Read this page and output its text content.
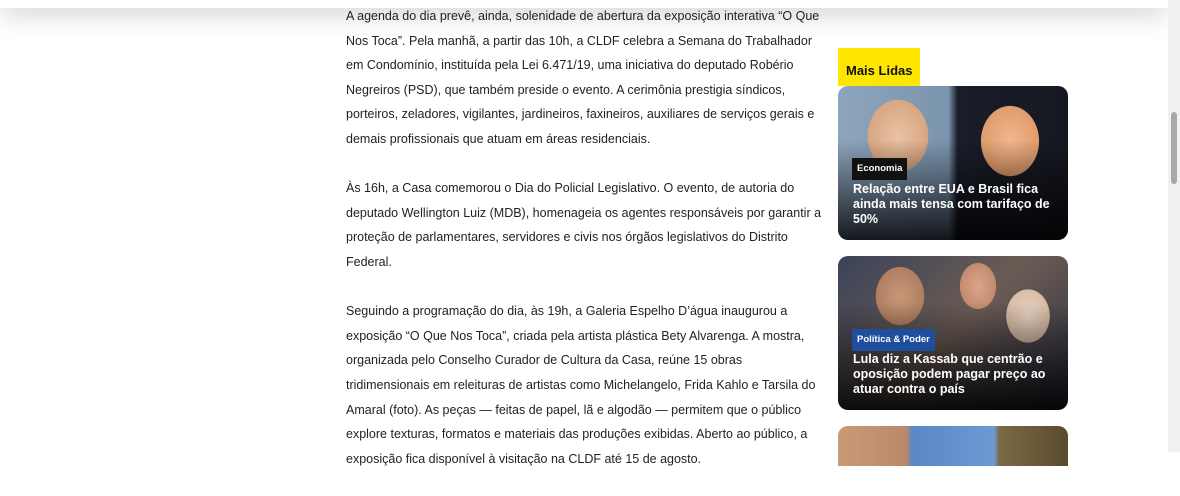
A agenda do dia prevê, ainda, solenidade de abertura da exposição interativa “O Que Nos Toca”. Pela manhã, a partir das 10h, a CLDF celebra a Semana do Trabalhador em Condomínio, instituída pela Lei 6.471/19, uma iniciativa do deputado Robério Negreiros (PSD), que também preside o evento. A cerimônia prestigia síndicos, porteiros, zeladores, vigilantes, jardineiros, faxineiros, auxiliares de serviços gerais e demais profissionais que atuam em áreas residenciais.

Às 16h, a Casa comemorou o Dia do Policial Legislativo. O evento, de autoria do deputado Wellington Luiz (MDB), homenageia os agentes responsáveis por garantir a proteção de parlamentares, servidores e civis nos órgãos legislativos do Distrito Federal.

Seguindo a programação do dia, às 19h, a Galeria Espelho D’água inaugurou a exposição “O Que Nos Toca”, criada pela artista plástica Bety Alvarenga. A mostra, organizada pelo Conselho Curador de Cultura da Casa, reúne 15 obras tridimensionais em releituras de artistas como Michelangelo, Frida Kahlo e Tarsila do Amaral (foto). As peças — feitas de papel, lã e algodão — permitem que o público explore texturas, formatos e materiais das produções exibidas. Aberto ao público, a exposição fica disponível à visitação na CLDF até 15 de agosto.

Mais Lidas
Economia
Relação entre EUA e Brasil fica ainda mais tensa com tarifaço de 50%
Política & Poder
Lula diz a Kassab que centrão e oposição podem pagar preço ao atuar contra o país
